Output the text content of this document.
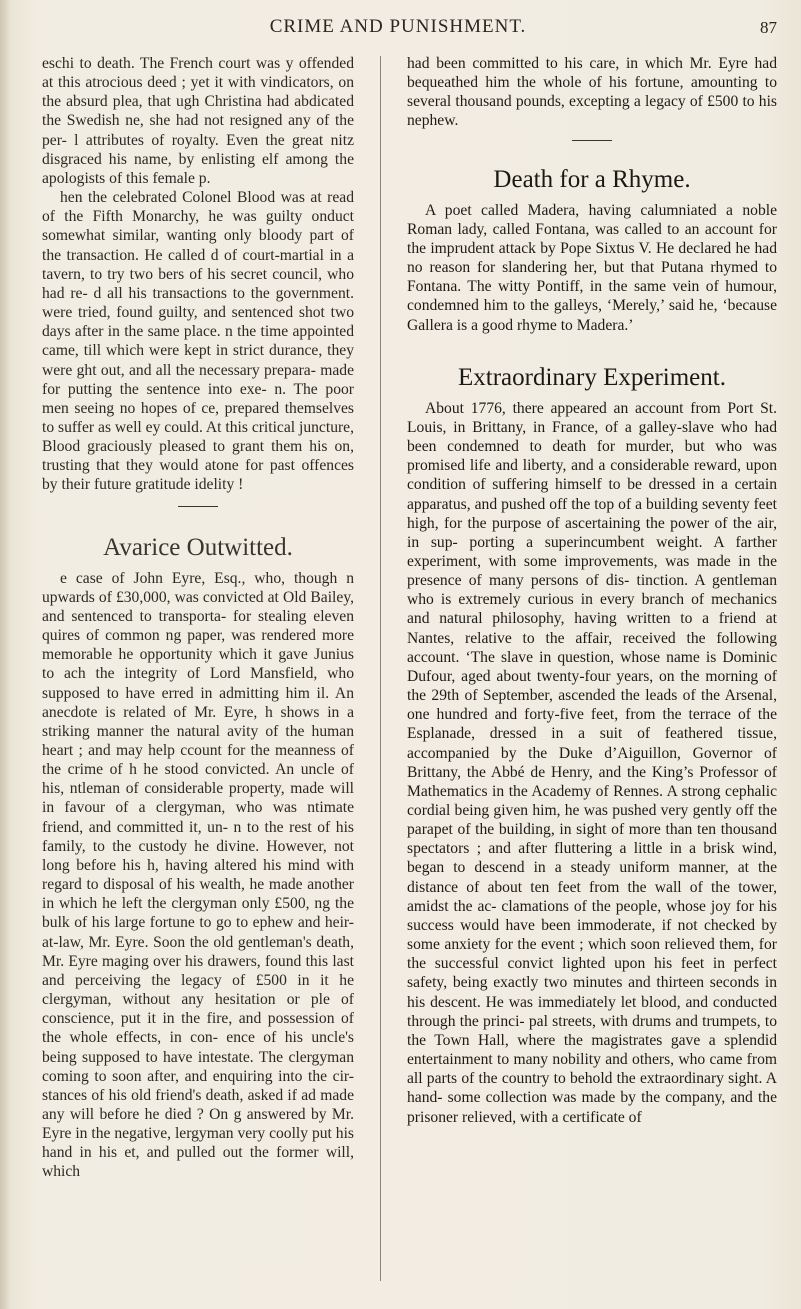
CRIME AND PUNISHMENT.	87

eschi to death. The French court was y offended at this atrocious deed ; yet it with vindicators, on the absurd plea, that ugh Christina had abdicated the Swedish ne, she had not resigned any of the per- l attributes of royalty. Even the great nitz disgraced his name, by enlisting elf among the apologists of this female p.

hen the celebrated Colonel Blood was at read of the Fifth Monarchy, he was guilty onduct somewhat similar, wanting only bloody part of the transaction. He called d of court-martial in a tavern, to try two bers of his secret council, who had re- d all his transactions to the government. were tried, found guilty, and sentenced shot two days after in the same place. n the time appointed came, till which were kept in strict durance, they were ght out, and all the necessary prepara- made for putting the sentence into exe- n. The poor men seeing no hopes of ce, prepared themselves to suffer as well ey could. At this critical juncture, Blood graciously pleased to grant them his on, trusting that they would atone for past offences by their future gratitude idelity !

Avarice Outwitted.

e case of John Eyre, Esq., who, though n upwards of £30,000, was convicted at Old Bailey, and sentenced to transporta- for stealing eleven quires of common ng paper, was rendered more memorable he opportunity which it gave Junius to ach the integrity of Lord Mansfield, who supposed to have erred in admitting him il. An anecdote is related of Mr. Eyre, h shows in a striking manner the natural avity of the human heart ; and may help ccount for the meanness of the crime of h he stood convicted. An uncle of his, ntleman of considerable property, made will in favour of a clergyman, who was ntimate friend, and committed it, un- n to the rest of his family, to the custody he divine. However, not long before his h, having altered his mind with regard to disposal of his wealth, he made another in which he left the clergyman only £500, ng the bulk of his large fortune to go to ephew and heir-at-law, Mr. Eyre. Soon the old gentleman's death, Mr. Eyre maging over his drawers, found this last and perceiving the legacy of £500 in it he clergyman, without any hesitation or ple of conscience, put it in the fire, and possession of the whole effects, in con- ence of his uncle's being supposed to have intestate. The clergyman coming to soon after, and enquiring into the cir- stances of his old friend's death, asked if ad made any will before he died ? On g answered by Mr. Eyre in the negative, lergyman very coolly put his hand in his et, and pulled out the former will, which

had been committed to his care, in which Mr. Eyre had bequeathed him the whole of his fortune, amounting to several thousand pounds, excepting a legacy of £500 to his nephew.

Death for a Rhyme.

A poet called Madera, having calumniated a noble Roman lady, called Fontana, was called to an account for the imprudent attack by Pope Sixtus V. He declared he had no reason for slandering her, but that Putana rhymed to Fontana. The witty Pontiff, in the same vein of humour, condemned him to the galleys, ‘Merely,’ said he, ‘because Gallera is a good rhyme to Madera.’

Extraordinary Experiment.

About 1776, there appeared an account from Port St. Louis, in Brittany, in France, of a galley-slave who had been condemned to death for murder, but who was promised life and liberty, and a considerable reward, upon condition of suffering himself to be dressed in a certain apparatus, and pushed off the top of a building seventy feet high, for the purpose of ascertaining the power of the air, in sup- porting a superincumbent weight. A farther experiment, with some improvements, was made in the presence of many persons of dis- tinction. A gentleman who is extremely curious in every branch of mechanics and natural philosophy, having written to a friend at Nantes, relative to the affair, received the following account. ‘The slave in question, whose name is Dominic Dufour, aged about twenty-four years, on the morning of the 29th of September, ascended the leads of the Arsenal, one hundred and forty-five feet, from the terrace of the Esplanade, dressed in a suit of feathered tissue, accompanied by the Duke d’Aiguillon, Governor of Brittany, the Abbé de Henry, and the King’s Professor of Mathematics in the Academy of Rennes. A strong cephalic cordial being given him, he was pushed very gently off the parapet of the building, in sight of more than ten thousand spectators ; and after fluttering a little in a brisk wind, began to descend in a steady uniform manner, at the distance of about ten feet from the wall of the tower, amidst the ac- clamations of the people, whose joy for his success would have been immoderate, if not checked by some anxiety for the event ; which soon relieved them, for the successful convict lighted upon his feet in perfect safety, being exactly two minutes and thirteen seconds in his descent. He was immediately let blood, and conducted through the princi- pal streets, with drums and trumpets, to the Town Hall, where the magistrates gave a splendid entertainment to many nobility and others, who came from all parts of the country to behold the extraordinary sight. A hand- some collection was made by the company, and the prisoner relieved, with a certificate of
